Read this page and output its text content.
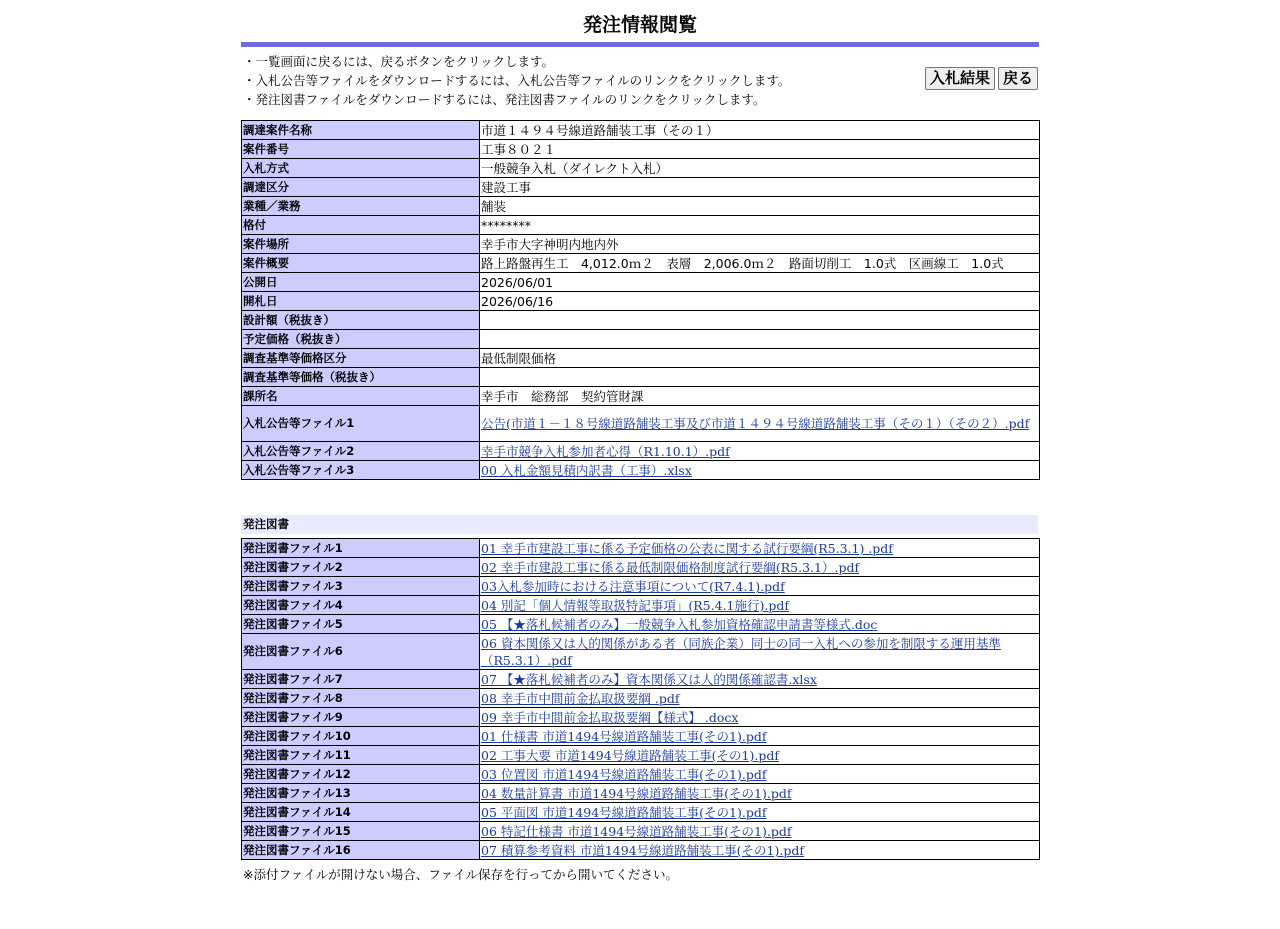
発注情報閲覧
・一覧画面に戻るには、戻るボタンをクリックします。
・入札公告等ファイルをダウンロードするには、入札公告等ファイルのリンクをクリックします。
・発注図書ファイルをダウンロードするには、発注図書ファイルのリンクをクリックします。
入札結果 戻る
調達案件名称	市道１４９４号線道路舗装工事（その１）
案件番号	工事８０２１
入札方式	一般競争入札（ダイレクト入札）
調達区分	建設工事
業種／業務	舗装
格付	********
案件場所	幸手市大字神明内地内外
案件概要	路上路盤再生工　4,012.0ｍ２　表層　2,006.0ｍ２　路面切削工　1.0式　区画線工　1.0式
公開日	2026/06/01
開札日	2026/06/16
設計額（税抜き）	
予定価格（税抜き）	
調査基準等価格区分	最低制限価格
調査基準等価格（税抜き）	
課所名	幸手市　総務部　契約管財課
入札公告等ファイル1	公告(市道１－１８号線道路舗装工事及び市道１４９４号線道路舗装工事（その１）（その２）.pdf
入札公告等ファイル2	幸手市競争入札参加者心得（R1.10.1）.pdf
入札公告等ファイル3	00 入札金額見積内訳書（工事）.xlsx
発注図書
発注図書ファイル1	01 幸手市建設工事に係る予定価格の公表に関する試行要綱(R5.3.1) .pdf
発注図書ファイル2	02 幸手市建設工事に係る最低制限価格制度試行要綱(R5.3.1）.pdf
発注図書ファイル3	03入札参加時における注意事項について(R7.4.1).pdf
発注図書ファイル4	04 別記「個人情報等取扱特記事項」(R5.4.1施行).pdf
発注図書ファイル5	05 【★落札候補者のみ】一般競争入札参加資格確認申請書等様式.doc
発注図書ファイル6	06 資本関係又は人的関係がある者（同族企業）同士の同一入札への参加を制限する運用基準（R5.3.1）.pdf
発注図書ファイル7	07 【★落札候補者のみ】資本関係又は人的関係確認書.xlsx
発注図書ファイル8	08 幸手市中間前金払取扱要綱 .pdf
発注図書ファイル9	09 幸手市中間前金払取扱要綱【様式】 .docx
発注図書ファイル10	01 仕様書 市道1494号線道路舗装工事(その1).pdf
発注図書ファイル11	02 工事大要 市道1494号線道路舗装工事(その1).pdf
発注図書ファイル12	03 位置図 市道1494号線道路舗装工事(その1).pdf
発注図書ファイル13	04 数量計算書 市道1494号線道路舗装工事(その1).pdf
発注図書ファイル14	05 平面図 市道1494号線道路舗装工事(その1).pdf
発注図書ファイル15	06 特記仕様書 市道1494号線道路舗装工事(その1).pdf
発注図書ファイル16	07 積算参考資料 市道1494号線道路舗装工事(その1).pdf
※添付ファイルが開けない場合、ファイル保存を行ってから開いてください。
